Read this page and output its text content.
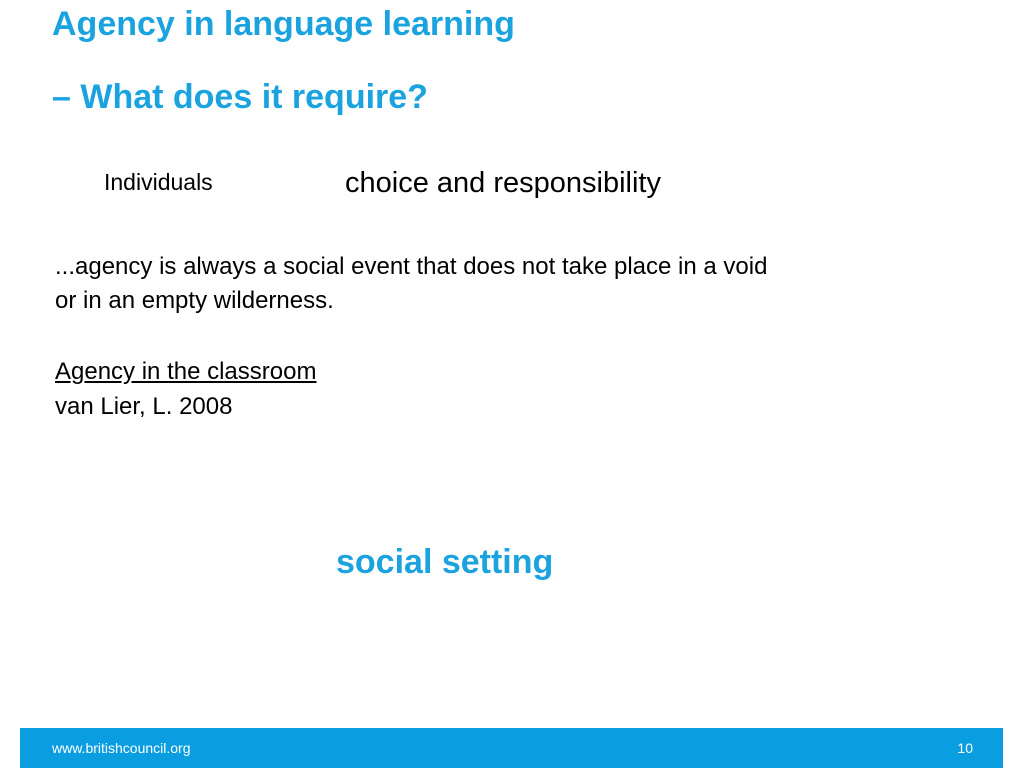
Agency in language learning
– What does it require?
Individuals	choice and responsibility
...agency is always a social event that does not take place in a void
or in an empty wilderness.
Agency in the classroom
van Lier, L. 2008
social setting
www.britishcouncil.org	10
